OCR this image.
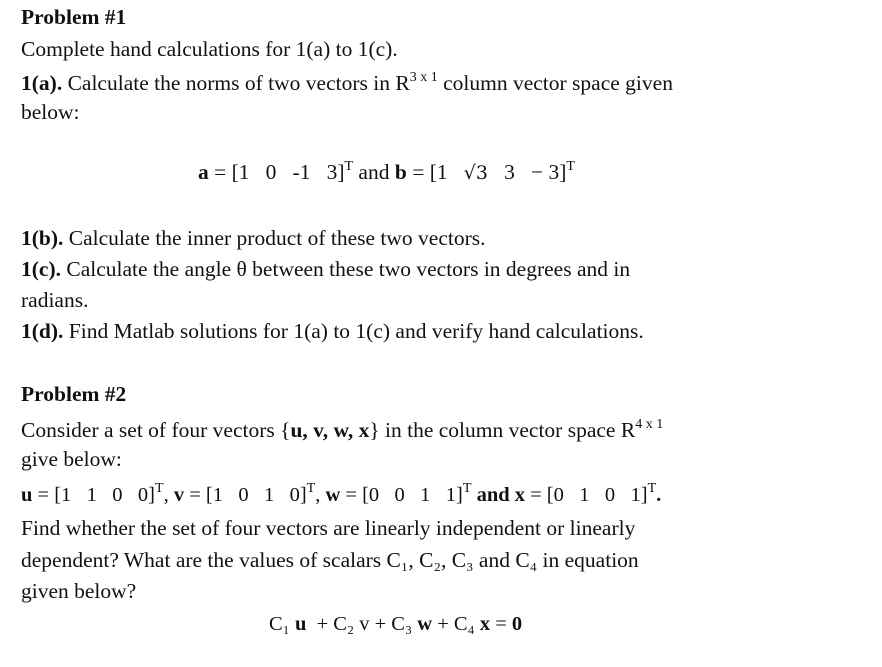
Problem #1
Complete hand calculations for 1(a) to 1(c).
1(a). Calculate the norms of two vectors in $R^{3 x 1}$ column vector space given
below:
a = [1   0   -1   3]$^T$ and b = [1   √3   3   − 3]$^T$
1(b). Calculate the inner product of these two vectors.
1(c). Calculate the angle θ between these two vectors in degrees and in
radians.
1(d). Find Matlab solutions for 1(a) to 1(c) and verify hand calculations.
Problem #2
Consider a set of four vectors {u, v, w, x} in the column vector space $R^{4 x 1}$
give below:
u = [1   1   0   0]$^T$, v = [1   0   1   0]$^T$, w = [0   0   1   1]$^T$ and x = [0   1   0   1]$^T$.
Find whether the set of four vectors are linearly independent or linearly
dependent? What are the values of scalars C₁, C₂, C₃ and C₄ in equation
given below?
C₁ u  + C₂ v + C₃ w + C₄ x = 0
